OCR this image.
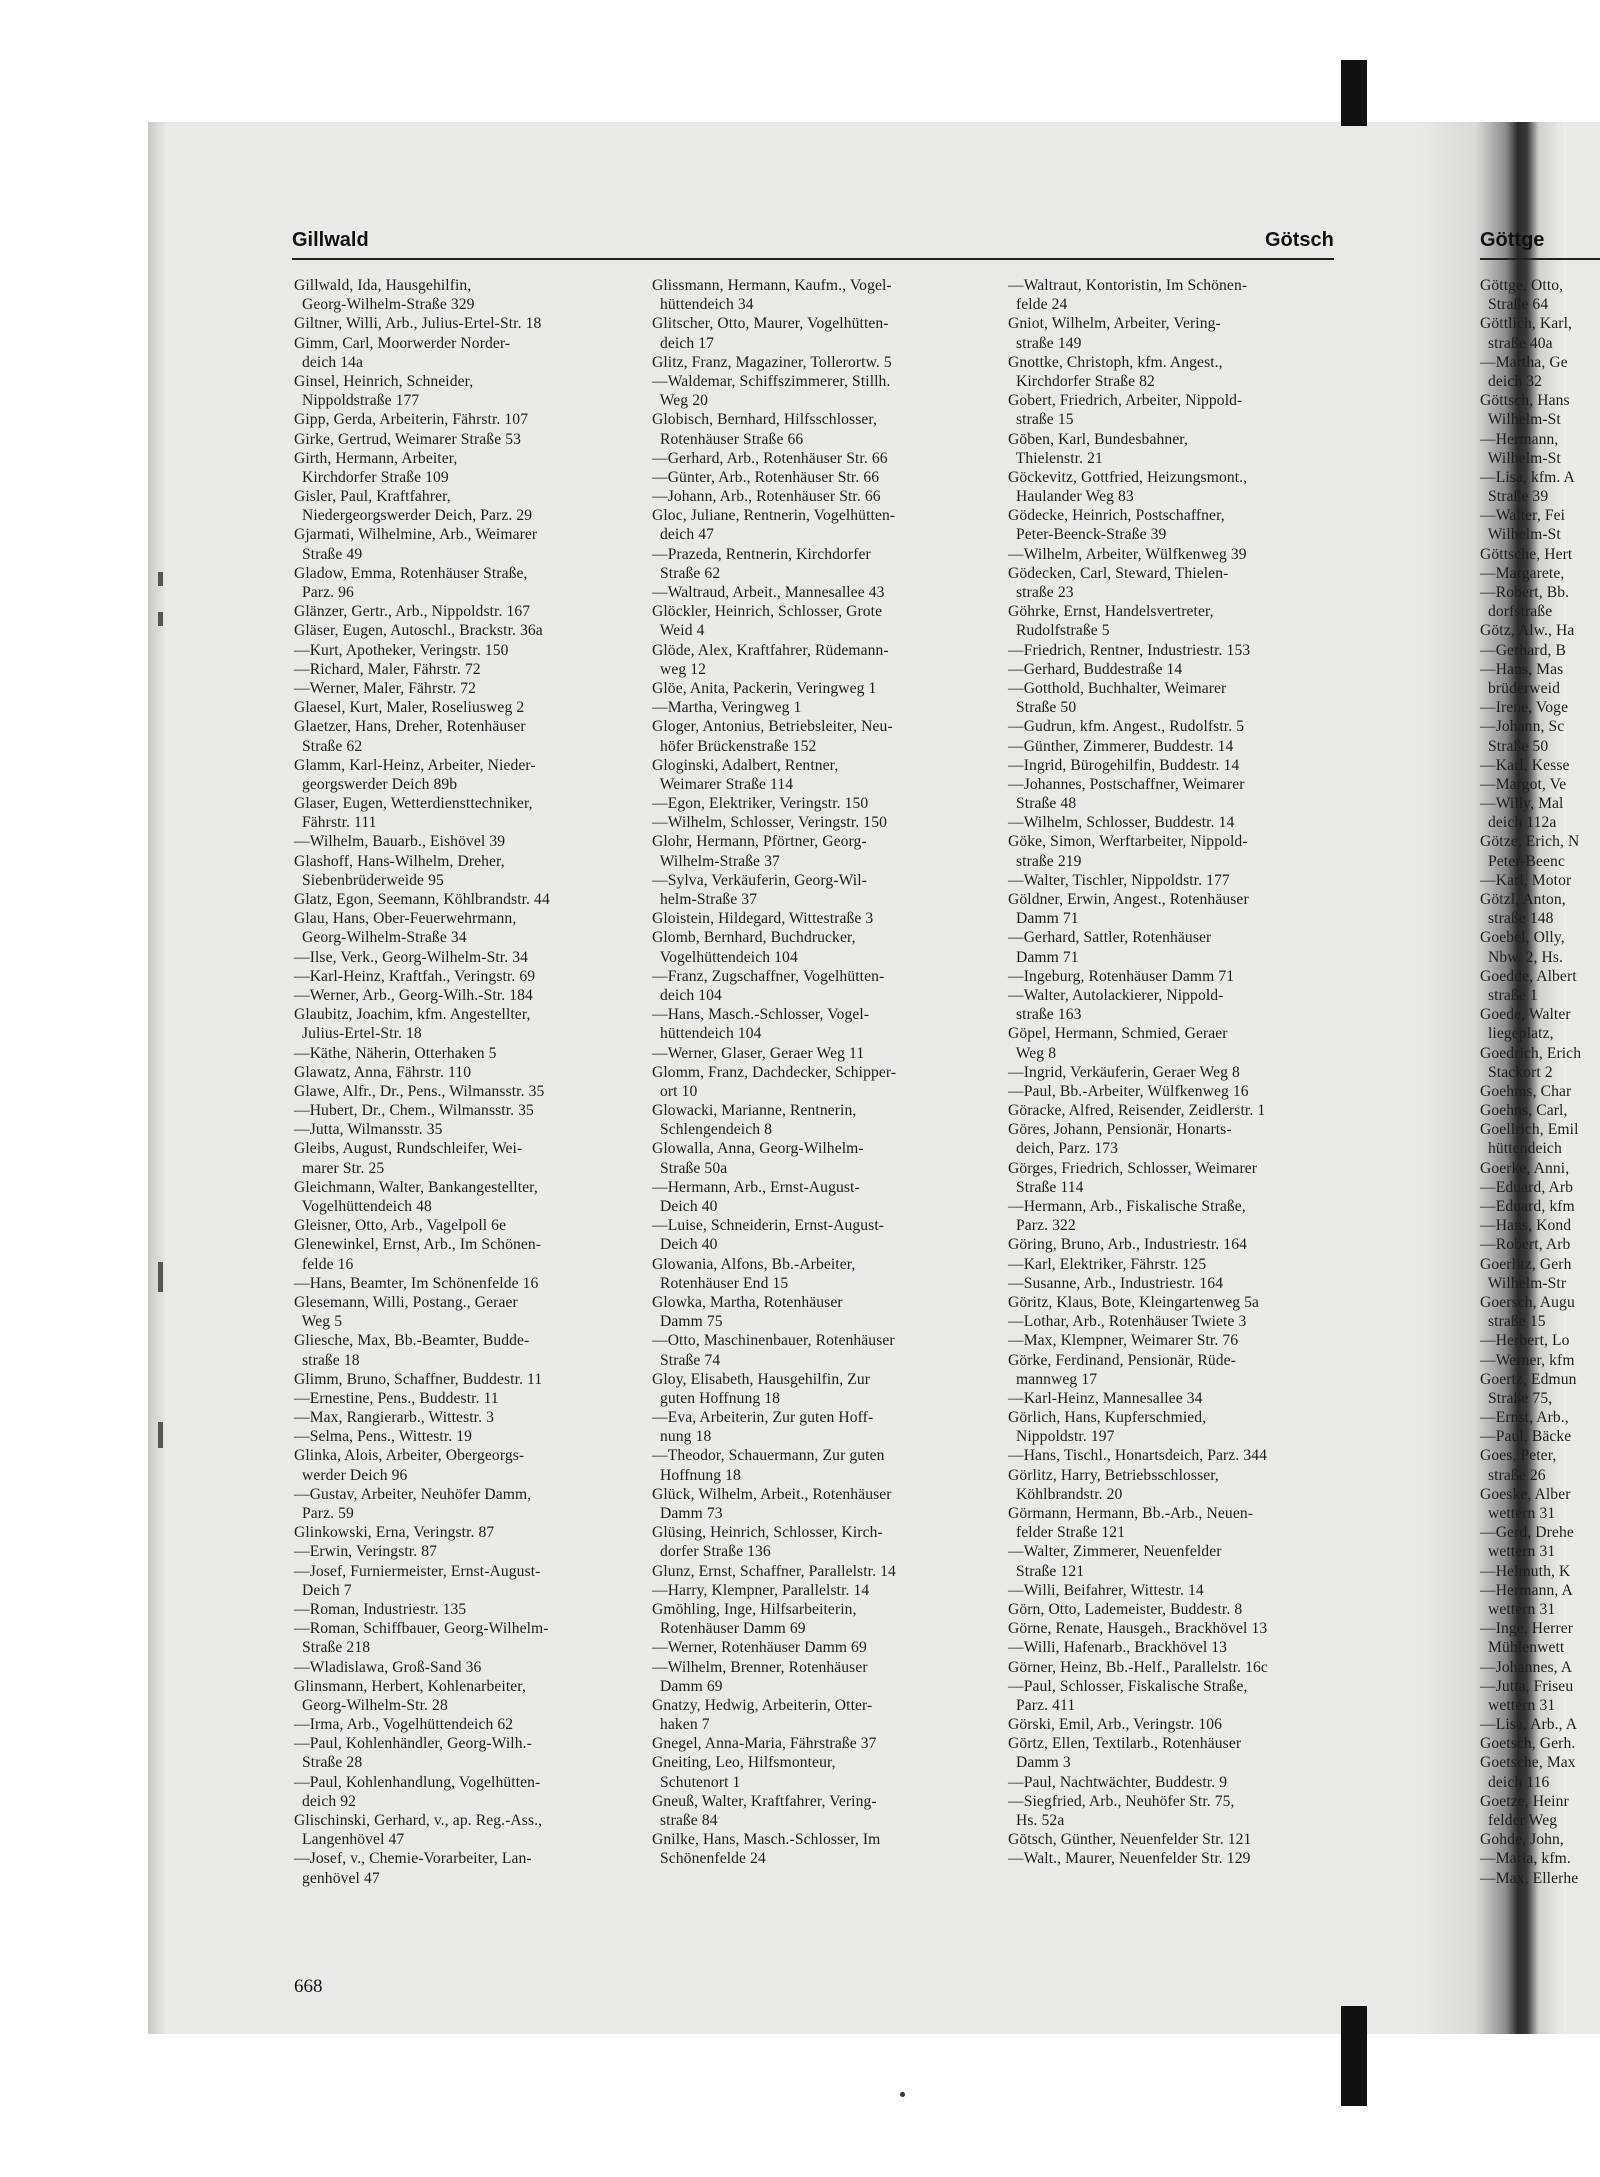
Gillwald	Götsch	Göttge
Gillwald, Ida, Hausgehilfin,
Georg-Wilhelm-Straße 329
Giltner, Willi, Arb., Julius-Ertel-Str. 18
Gimm, Carl, Moorwerder Norder-
deich 14a
Ginsel, Heinrich, Schneider,
Nippoldstraße 177
Gipp, Gerda, Arbeiterin, Fährstr. 107
Girke, Gertrud, Weimarer Straße 53
Girth, Hermann, Arbeiter,
Kirchdorfer Straße 109
Gisler, Paul, Kraftfahrer,
Niedergeorgswerder Deich, Parz. 29
Gjarmati, Wilhelmine, Arb., Weimarer
Straße 49
Gladow, Emma, Rotenhäuser Straße,
Parz. 96
Glänzer, Gertr., Arb., Nippoldstr. 167
Gläser, Eugen, Autoschl., Brackstr. 36a
—Kurt, Apotheker, Veringstr. 150
—Richard, Maler, Fährstr. 72
—Werner, Maler, Fährstr. 72
Glaesel, Kurt, Maler, Roseliusweg 2
Glaetzer, Hans, Dreher, Rotenhäuser
Straße 62
Glamm, Karl-Heinz, Arbeiter, Nieder-
georgswerder Deich 89b
Glaser, Eugen, Wetterdiensttechniker,
Fährstr. 111
—Wilhelm, Bauarb., Eishövel 39
Glashoff, Hans-Wilhelm, Dreher,
Siebenbrüderweide 95
Glatz, Egon, Seemann, Köhlbrandstr. 44
Glau, Hans, Ober-Feuerwehrmann,
Georg-Wilhelm-Straße 34
—Ilse, Verk., Georg-Wilhelm-Str. 34
—Karl-Heinz, Kraftfah., Veringstr. 69
—Werner, Arb., Georg-Wilh.-Str. 184
Glaubitz, Joachim, kfm. Angestellter,
Julius-Ertel-Str. 18
—Käthe, Näherin, Otterhaken 5
Glawatz, Anna, Fährstr. 110
Glawe, Alfr., Dr., Pens., Wilmansstr. 35
—Hubert, Dr., Chem., Wilmansstr. 35
—Jutta, Wilmansstr. 35
Gleibs, August, Rundschleifer, Wei-
marer Str. 25
Gleichmann, Walter, Bankangestellter,
Vogelhüttendeich 48
Gleisner, Otto, Arb., Vagelpoll 6e
Glenewinkel, Ernst, Arb., Im Schönen-
felde 16
—Hans, Beamter, Im Schönenfelde 16
Glesemann, Willi, Postang., Geraer
Weg 5
Gliesche, Max, Bb.-Beamter, Budde-
straße 18
Glimm, Bruno, Schaffner, Buddestr. 11
—Ernestine, Pens., Buddestr. 11
—Max, Rangierarb., Wittestr. 3
—Selma, Pens., Wittestr. 19
Glinka, Alois, Arbeiter, Obergeorgs-
werder Deich 96
—Gustav, Arbeiter, Neuhöfer Damm,
Parz. 59
Glinkowski, Erna, Veringstr. 87
—Erwin, Veringstr. 87
—Josef, Furniermeister, Ernst-August-
Deich 7
—Roman, Industriestr. 135
—Roman, Schiffbauer, Georg-Wilhelm-
Straße 218
—Wladislawa, Groß-Sand 36
Glinsmann, Herbert, Kohlenarbeiter,
Georg-Wilhelm-Str. 28
—Irma, Arb., Vogelhüttendeich 62
—Paul, Kohlenhändler, Georg-Wilh.-
Straße 28
—Paul, Kohlenhandlung, Vogelhütten-
deich 92
Glischinski, Gerhard, v., ap. Reg.-Ass.,
Langenhövel 47
—Josef, v., Chemie-Vorarbeiter, Lan-
genhövel 47
Glissmann, Hermann, Kaufm., Vogel-
hüttendeich 34
Glitscher, Otto, Maurer, Vogelhütten-
deich 17
Glitz, Franz, Magaziner, Tollerortw. 5
—Waldemar, Schiffszimmerer, Stillh.
Weg 20
Globisch, Bernhard, Hilfsschlosser,
Rotenhäuser Straße 66
—Gerhard, Arb., Rotenhäuser Str. 66
—Günter, Arb., Rotenhäuser Str. 66
—Johann, Arb., Rotenhäuser Str. 66
Gloc, Juliane, Rentnerin, Vogelhütten-
deich 47
—Prazeda, Rentnerin, Kirchdorfer
Straße 62
—Waltraud, Arbeit., Mannesallee 43
Glöckler, Heinrich, Schlosser, Grote
Weid 4
Glöde, Alex, Kraftfahrer, Rüdemann-
weg 12
Glöe, Anita, Packerin, Veringweg 1
—Martha, Veringweg 1
Gloger, Antonius, Betriebsleiter, Neu-
höfer Brückenstraße 152
Gloginski, Adalbert, Rentner,
Weimarer Straße 114
—Egon, Elektriker, Veringstr. 150
—Wilhelm, Schlosser, Veringstr. 150
Glohr, Hermann, Pförtner, Georg-
Wilhelm-Straße 37
—Sylva, Verkäuferin, Georg-Wil-
helm-Straße 37
Gloistein, Hildegard, Wittestraße 3
Glomb, Bernhard, Buchdrucker,
Vogelhüttendeich 104
—Franz, Zugschaffner, Vogelhütten-
deich 104
—Hans, Masch.-Schlosser, Vogel-
hüttendeich 104
—Werner, Glaser, Geraer Weg 11
Glomm, Franz, Dachdecker, Schipper-
ort 10
Glowacki, Marianne, Rentnerin,
Schlengendeich 8
Glowalla, Anna, Georg-Wilhelm-
Straße 50a
—Hermann, Arb., Ernst-August-
Deich 40
—Luise, Schneiderin, Ernst-August-
Deich 40
Glowania, Alfons, Bb.-Arbeiter,
Rotenhäuser End 15
Glowka, Martha, Rotenhäuser
Damm 75
—Otto, Maschinenbauer, Rotenhäuser
Straße 74
Gloy, Elisabeth, Hausgehilfin, Zur
guten Hoffnung 18
—Eva, Arbeiterin, Zur guten Hoff-
nung 18
—Theodor, Schauermann, Zur guten
Hoffnung 18
Glück, Wilhelm, Arbeit., Rotenhäuser
Damm 73
Glüsing, Heinrich, Schlosser, Kirch-
dorfer Straße 136
Glunz, Ernst, Schaffner, Parallelstr. 14
—Harry, Klempner, Parallelstr. 14
Gmöhling, Inge, Hilfsarbeiterin,
Rotenhäuser Damm 69
—Werner, Rotenhäuser Damm 69
—Wilhelm, Brenner, Rotenhäuser
Damm 69
Gnatzy, Hedwig, Arbeiterin, Otter-
haken 7
Gnegel, Anna-Maria, Fährstraße 37
Gneiting, Leo, Hilfsmonteur,
Schutenort 1
Gneuß, Walter, Kraftfahrer, Vering-
straße 84
Gnilke, Hans, Masch.-Schlosser, Im
Schönenfelde 24
—Waltraut, Kontoristin, Im Schönen-
felde 24
Gniot, Wilhelm, Arbeiter, Vering-
straße 149
Gnottke, Christoph, kfm. Angest.,
Kirchdorfer Straße 82
Gobert, Friedrich, Arbeiter, Nippold-
straße 15
Göben, Karl, Bundesbahner,
Thielenstr. 21
Göckevitz, Gottfried, Heizungsmont.,
Haulander Weg 83
Gödecke, Heinrich, Postschaffner,
Peter-Beenck-Straße 39
—Wilhelm, Arbeiter, Wülfkenweg 39
Gödecken, Carl, Steward, Thielen-
straße 23
Göhrke, Ernst, Handelsvertreter,
Rudolfstraße 5
—Friedrich, Rentner, Industriestr. 153
—Gerhard, Buddestraße 14
—Gotthold, Buchhalter, Weimarer
Straße 50
—Gudrun, kfm. Angest., Rudolfstr. 5
—Günther, Zimmerer, Buddestr. 14
—Ingrid, Bürogehilfin, Buddestr. 14
—Johannes, Postschaffner, Weimarer
Straße 48
—Wilhelm, Schlosser, Buddestr. 14
Göke, Simon, Werftarbeiter, Nippold-
straße 219
—Walter, Tischler, Nippoldstr. 177
Göldner, Erwin, Angest., Rotenhäuser
Damm 71
—Gerhard, Sattler, Rotenhäuser
Damm 71
—Ingeburg, Rotenhäuser Damm 71
—Walter, Autolackierer, Nippold-
straße 163
Göpel, Hermann, Schmied, Geraer
Weg 8
—Ingrid, Verkäuferin, Geraer Weg 8
—Paul, Bb.-Arbeiter, Wülfkenweg 16
Göracke, Alfred, Reisender, Zeidlerstr. 1
Göres, Johann, Pensionär, Honarts-
deich, Parz. 173
Görges, Friedrich, Schlosser, Weimarer
Straße 114
—Hermann, Arb., Fiskalische Straße,
Parz. 322
Göring, Bruno, Arb., Industriestr. 164
—Karl, Elektriker, Fährstr. 125
—Susanne, Arb., Industriestr. 164
Göritz, Klaus, Bote, Kleingartenweg 5a
—Lothar, Arb., Rotenhäuser Twiete 3
—Max, Klempner, Weimarer Str. 76
Görke, Ferdinand, Pensionär, Rüde-
mannweg 17
—Karl-Heinz, Mannesallee 34
Görlich, Hans, Kupferschmied,
Nippoldstr. 197
—Hans, Tischl., Honartsdeich, Parz. 344
Görlitz, Harry, Betriebsschlosser,
Köhlbrandstr. 20
Görmann, Hermann, Bb.-Arb., Neuen-
felder Straße 121
—Walter, Zimmerer, Neuenfelder
Straße 121
—Willi, Beifahrer, Wittestr. 14
Görn, Otto, Lademeister, Buddestr. 8
Görne, Renate, Hausgeh., Brackhövel 13
—Willi, Hafenarb., Brackhövel 13
Görner, Heinz, Bb.-Helf., Parallelstr. 16c
—Paul, Schlosser, Fiskalische Straße,
Parz. 411
Görski, Emil, Arb., Veringstr. 106
Görtz, Ellen, Textilarb., Rotenhäuser
Damm 3
—Paul, Nachtwächter, Buddestr. 9
—Siegfried, Arb., Neuhöfer Str. 75,
Hs. 52a
Götsch, Günther, Neuenfelder Str. 121
—Walt., Maurer, Neuenfelder Str. 129
Göttge, Otto,
Straße 64
Göttlich, Karl,
straße 40a
—Martha, Ge
deich 32
Göttsch, Hans
Wilhelm-St
—Hermann,
Wilhelm-St
—Lisa, kfm. A
Straße 39
—Walter, Fei
Wilhelm-St
Göttsche, Hert
—Margarete,
—Robert, Bb.
dorfstraße
Götz, Alw., Ha
—Gerhard, B
—Hans, Mas
brüderweid
—Irene, Voge
—Johann, Sc
Straße 50
—Karl, Kesse
—Margot, Ve
—Willy, Mal
deich 112a
Götze, Erich, N
Peter-Beenc
—Karl, Motor
Götzl, Anton,
straße 148
Goebel, Olly,
Nbw. 2, Hs.
Goedde, Albert
straße 1
Goede, Walter
liegeplatz,
Goedrich, Erich
Stackort 2
Goehms, Char
Goehns, Carl,
Goellrich, Emil
hüttendeich
Goerke, Anni,
—Eduard, Arb
—Eduard, kfm
—Hans, Kond
—Robert, Arb
Goerlitz, Gerh
Wilhelm-Str
Goersch, Augu
straße 15
—Herbert, Lo
—Werner, kfm
Goertz, Edmun
Straße 75,
—Ernst, Arb.,
—Paul, Bäcke
Goes, Peter,
straße 26
Goeske, Alber
wettern 31
—Gerd, Drehe
wettern 31
—Helmuth, K
—Hermann, A
wettern 31
—Inge, Herrer
Mühlenwett
—Johannes, A
—Jutta, Friseu
wettern 31
—Lisa, Arb., A
Goetsch, Gerh.
Goetsche, Max
deich 116
Goetze, Heinr
felder Weg
Gohde, John,
—Maria, kfm.
—Max, Ellerhe
668
